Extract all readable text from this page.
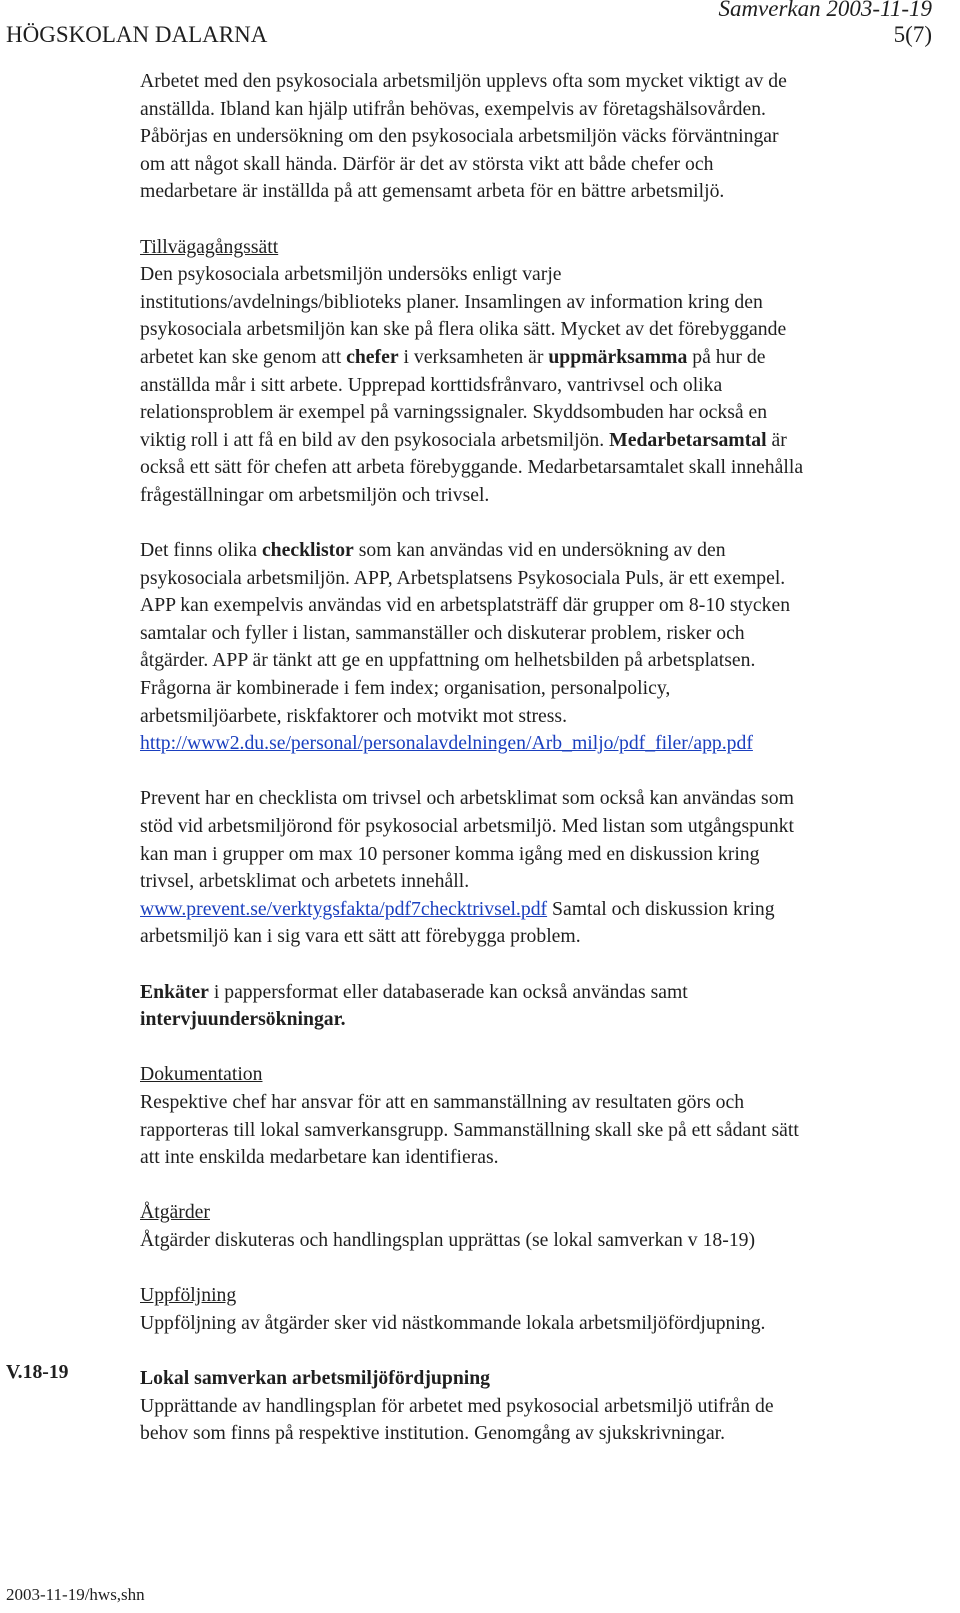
Samverkan 2003-11-19
HÖGSKOLAN DALARNA	5(7)

Arbetet med den psykosociala arbetsmiljön upplevs ofta som mycket viktigt av de

anställda. Ibland kan hjälp utifrån behövas, exempelvis av företagshälsovården.

Påbörjas en undersökning om den psykosociala arbetsmiljön väcks förväntningar

om att något skall hända. Därför är det av största vikt att både chefer och

medarbetare är inställda på att gemensamt arbeta för en bättre arbetsmiljö.

Tillvägagångssätt

Den psykosociala arbetsmiljön undersöks enligt varje

institutions/avdelnings/biblioteks planer. Insamlingen av information kring den

psykosociala arbetsmiljön kan ske på flera olika sätt. Mycket av det förebyggande

arbetet kan ske genom att chefer i verksamheten är uppmärksamma på hur de

anställda mår i sitt arbete. Upprepad korttidsfrånvaro, vantrivsel och olika

relationsproblem är exempel på varningssignaler. Skyddsombuden har också en

viktig roll i att få en bild av den psykosociala arbetsmiljön. Medarbetarsamtal är

också ett sätt för chefen att arbeta förebyggande. Medarbetarsamtalet skall innehålla

frågeställningar om arbetsmiljön och trivsel.

Det finns olika checklistor som kan användas vid en undersökning av den

psykosociala arbetsmiljön. APP, Arbetsplatsens Psykosociala Puls, är ett exempel.

APP kan exempelvis användas vid en arbetsplatsträff där grupper om 8-10 stycken

samtalar och fyller i listan, sammanställer och diskuterar problem, risker och

åtgärder. APP är tänkt att ge en uppfattning om helhetsbilden på arbetsplatsen.

Frågorna är kombinerade i fem index; organisation, personalpolicy,

arbetsmiljöarbete, riskfaktorer och motvikt mot stress.

http://www2.du.se/personal/personalavdelningen/Arb_miljo/pdf_filer/app.pdf

Prevent har en checklista om trivsel och arbetsklimat som också kan användas som

stöd vid arbetsmiljörond för psykosocial arbetsmiljö. Med listan som utgångspunkt

kan man i grupper om max 10 personer komma igång med en diskussion kring

trivsel, arbetsklimat och arbetets innehåll.

www.prevent.se/verktygsfakta/pdf7checktrivsel.pdf Samtal och diskussion kring

arbetsmiljö kan i sig vara ett sätt att förebygga problem.

Enkäter i pappersformat eller databaserade kan också användas samt

intervjuundersökningar.

Dokumentation

Respektive chef har ansvar för att en sammanställning av resultaten görs och

rapporteras till lokal samverkansgrupp. Sammanställning skall ske på ett sådant sätt

att inte enskilda medarbetare kan identifieras.

Åtgärder

Åtgärder diskuteras och handlingsplan upprättas (se lokal samverkan v 18-19)

Uppföljning

Uppföljning av åtgärder sker vid nästkommande lokala arbetsmiljöfördjupning.

Lokal samverkan arbetsmiljöfördjupning

Upprättande av handlingsplan för arbetet med psykosocial arbetsmiljö utifrån de

behov som finns på respektive institution. Genomgång av sjukskrivningar.

V.18-19
2003-11-19/hws,shn
